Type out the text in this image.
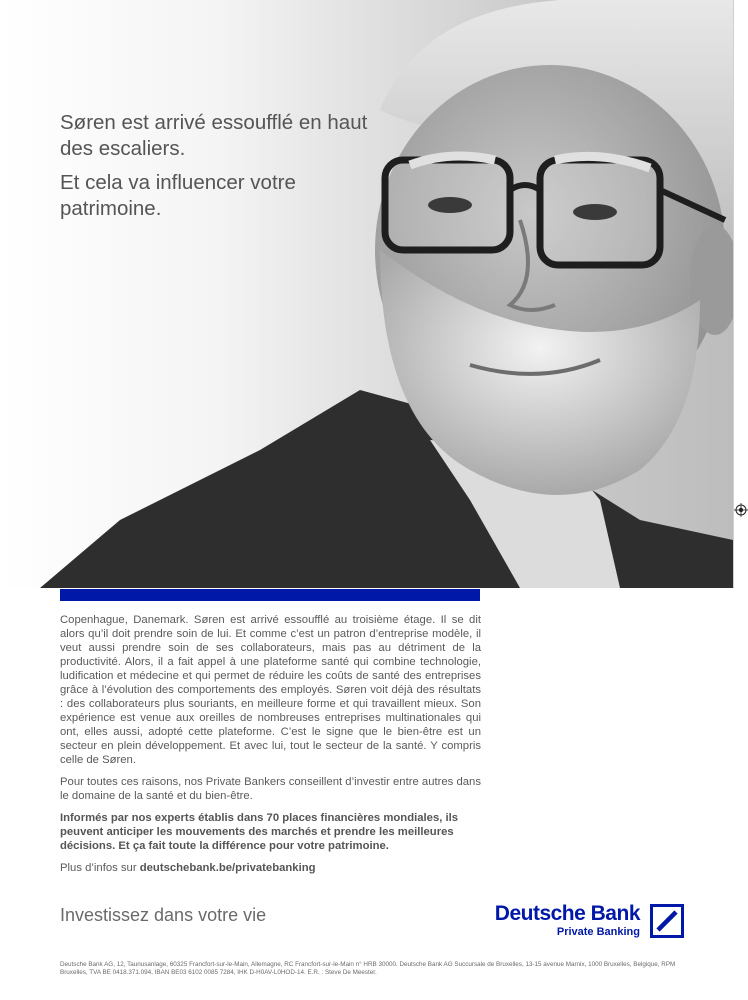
Søren est arrivé essoufflé en haut des escaliers.

Et cela va influencer votre patrimoine.

Copenhague, Danemark. Søren est arrivé essoufflé au troisième étage. Il se dit alors qu’il doit prendre soin de lui. Et comme c’est un patron d’entreprise modèle, il veut aussi prendre soin de ses collaborateurs, mais pas au détriment de la productivité. Alors, il a fait appel à une plateforme santé qui combine technologie, ludification et médecine et qui permet de réduire les coûts de santé des entreprises grâce à l’évolution des comportements des employés. Søren voit déjà des résultats : des collaborateurs plus souriants, en meilleure forme et qui travaillent mieux. Son expérience est venue aux oreilles de nombreuses entreprises multinationales qui ont, elles aussi, adopté cette plateforme. C’est le signe que le bien-être est un secteur en plein développement. Et avec lui, tout le secteur de la santé. Y compris celle de Søren.

Pour toutes ces raisons, nos Private Bankers conseillent d’investir entre autres dans le domaine de la santé et du bien-être.

Informés par nos experts établis dans 70 places financières mondiales, ils peuvent anticiper les mouvements des marchés et prendre les meilleures décisions. Et ça fait toute la différence pour votre patrimoine.

Plus d’infos sur deutschebank.be/privatebanking

Investissez dans votre vie	Deutsche Bank
Private Banking
Deutsche Bank AG, 12, Taunusanlage, 60325 Francfort-sur-le-Main, Allemagne, RC Francfort-sur-le-Main n° HRB 30000. Deutsche Bank AG Succursale de Bruxelles, 13-15 avenue Marnix, 1000 Bruxelles, Belgique, RPM Bruxelles, TVA BE 0418.371.094, IBAN BE03 6102 0085 7284, IHK D-H0AV-L0HOD-14. E.R. : Steve De Meester.
